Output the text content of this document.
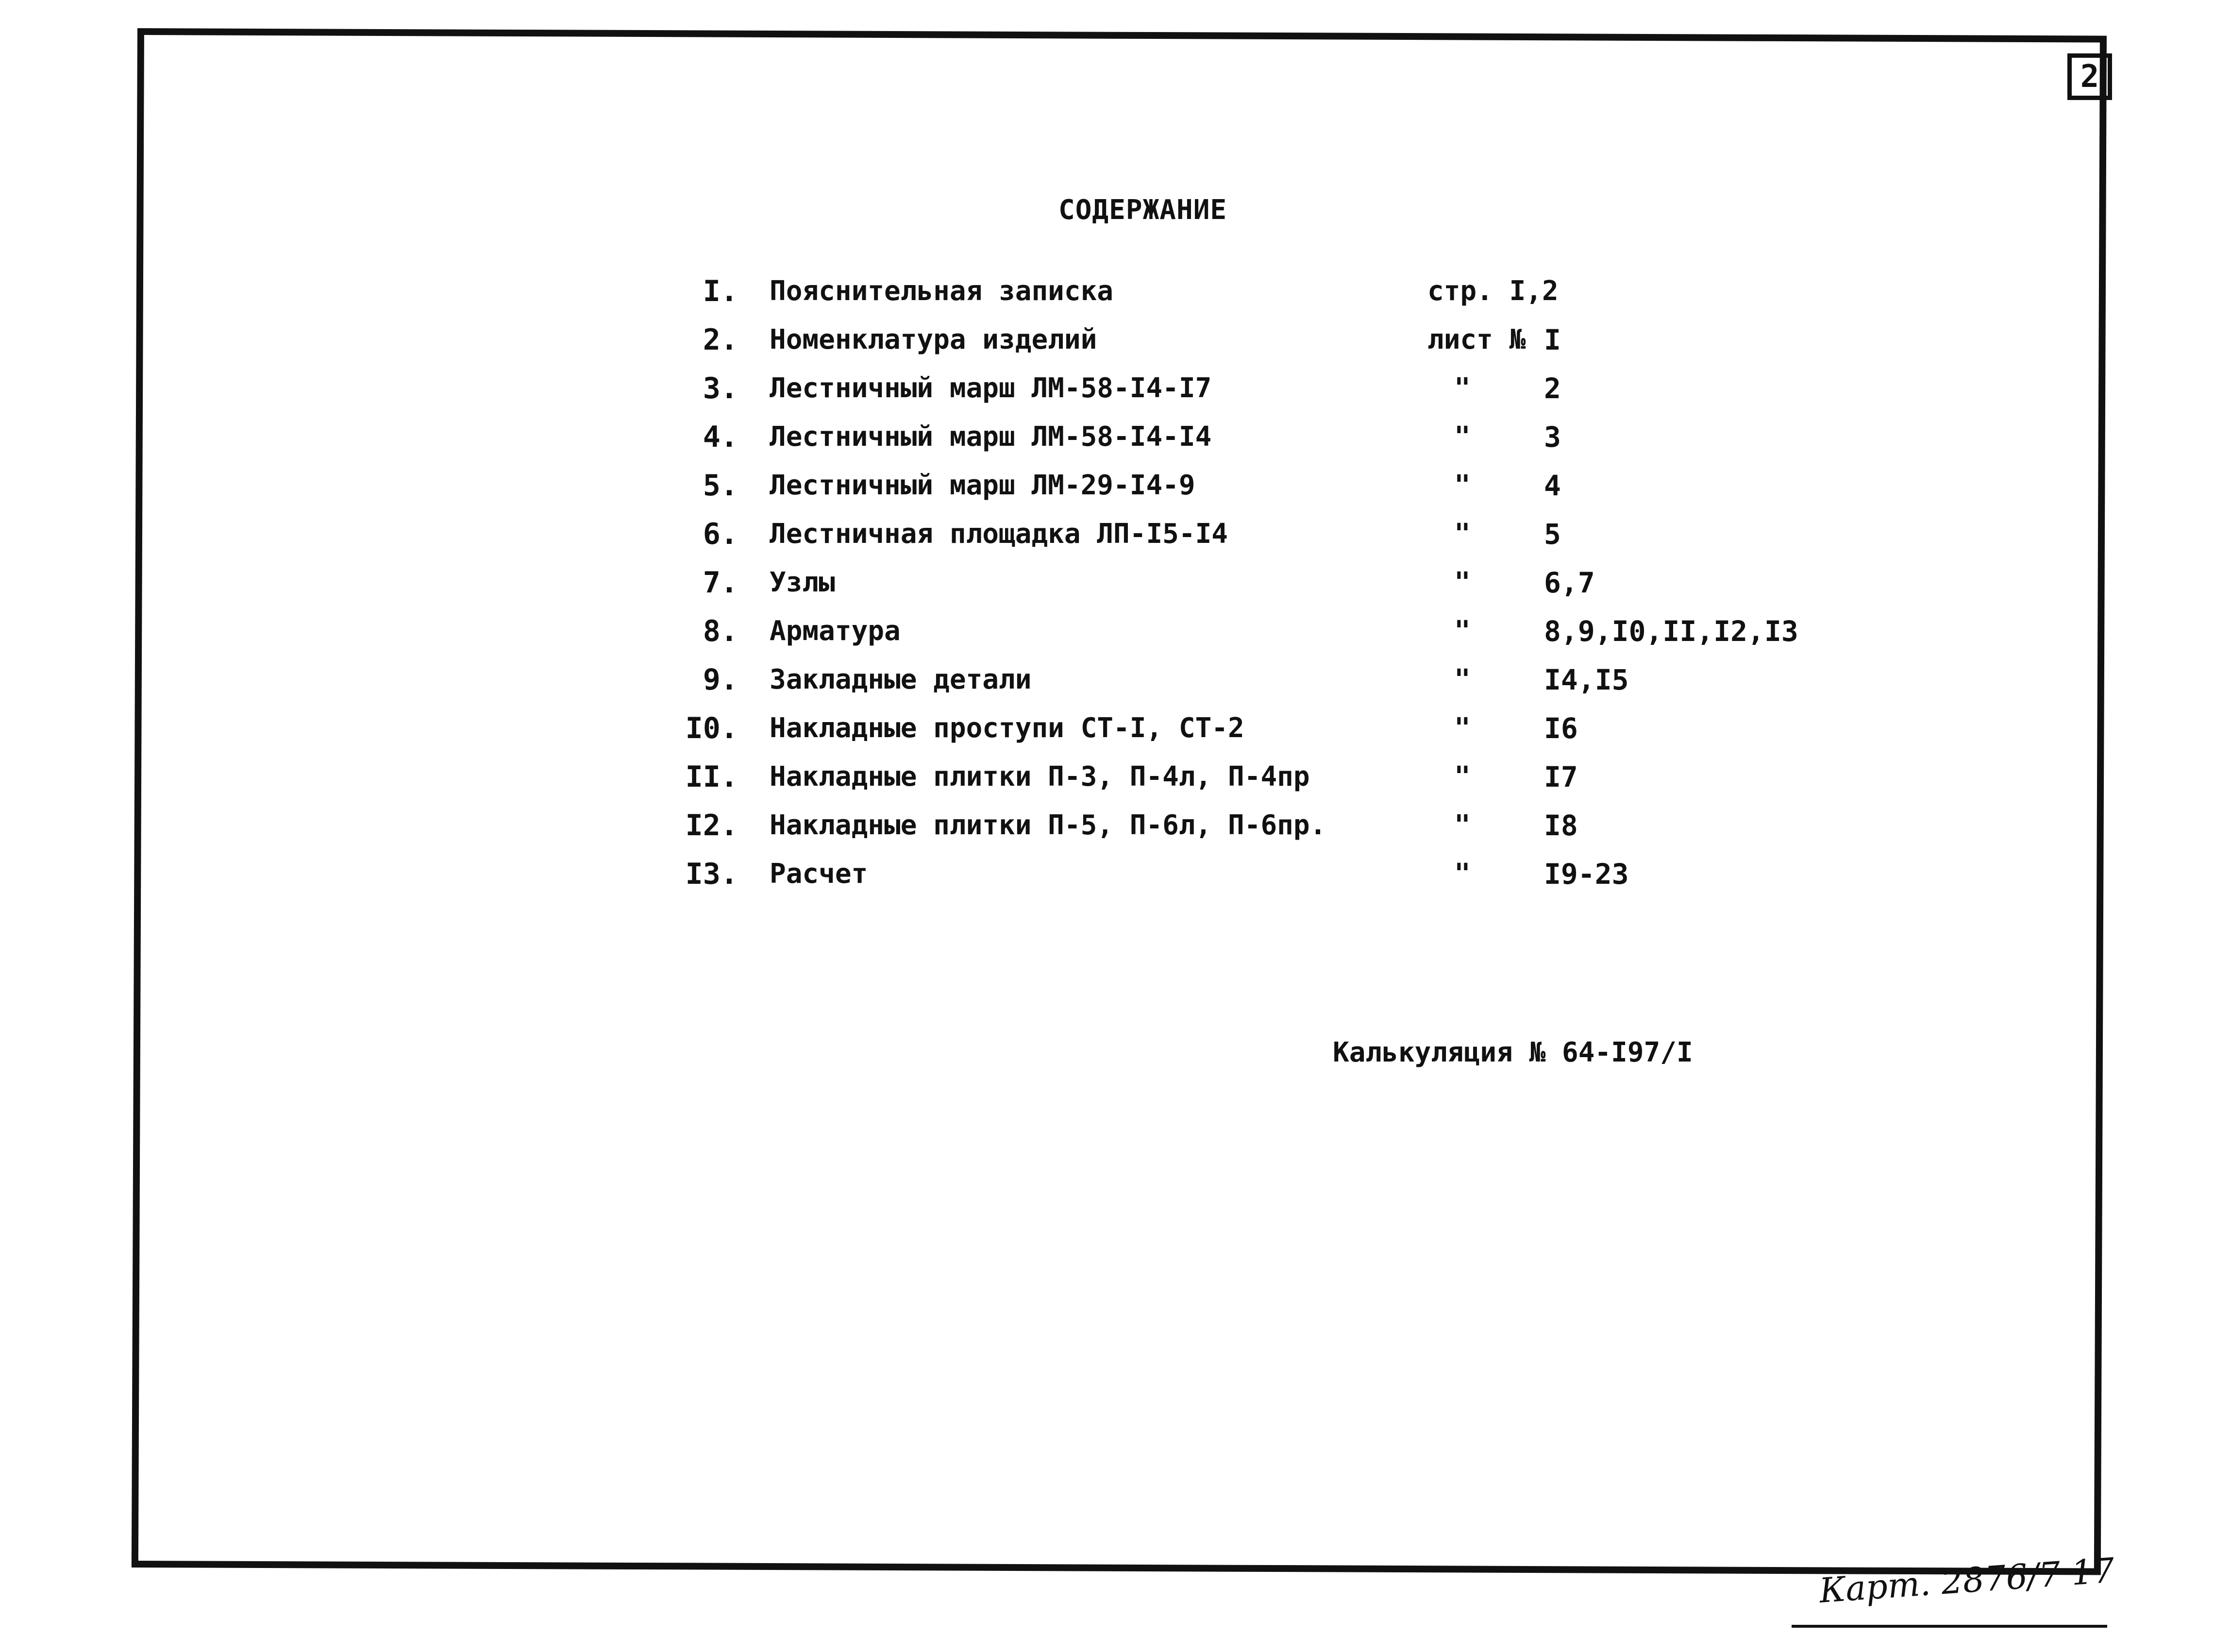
2
СОДЕРЖАНИЕ
I. Пояснительная записка	стр. I,2
2. Номенклатура изделий	лист № I
3. Лестничный марш ЛМ-58-I4-I7	"	2
4. Лестничный марш ЛМ-58-I4-I4	"	3
5. Лестничный марш ЛМ-29-I4-9	"	4
6. Лестничная площадка ЛП-I5-I4	"	5
7. Узлы	"	6,7
8. Арматура	"	8,9,I0,II,I2,I3
9. Закладные детали	"	I4,I5
I0. Накладные проступи СТ-I, СТ-2	"	I6
II. Накладные плитки П-3, П-4л, П-4пр	"	I7
I2. Накладные плитки П-5, П-6л, П-6пр.	"	I8
I3. Расчет	"	I9-23
Калькуляция № 64-I97/I
Карт. 2876/7 17
